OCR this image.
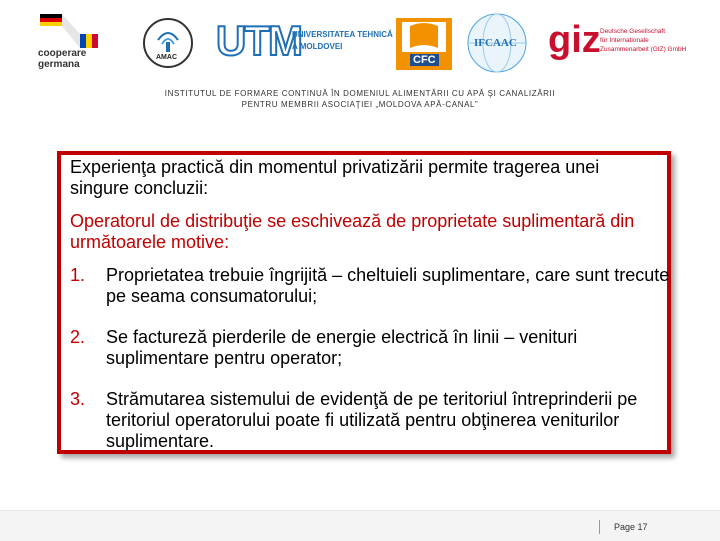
cooperare
germana
AMAC UTM
UNIVERSITATEA TEHNICĂ
A MOLDOVEI
CFC
IFCAAC giz Deutsche Gesellschaft
für Internationale
Zusammenarbeit (GIZ) GmbH
INSTITUTUL DE FORMARE CONTINUĂ ÎN DOMENIUL ALIMENTĂRII CU APĂ ŞI CANALIZĂRII
PENTRU MEMBRII ASOCIAŢIEI „MOLDOVA APĂ-CANAL”
Experienţa practică din momentul privatizării permite tragerea unei singure concluzii:
Operatorul de distribuţie se eschivează de proprietate suplimentară din următoarele motive:
1. Proprietatea trebuie îngrijită – cheltuieli suplimentare, care sunt trecute pe seama consumatorului;
2. Se factureză pierderile de energie electrică în linii – venituri suplimentare pentru operator;
3. Strămutarea sistemului de evidenţă de pe teritoriul întreprinderii pe teritoriul operatorului poate fi utilizată pentru obţinerea veniturilor suplimentare.
Page 17
